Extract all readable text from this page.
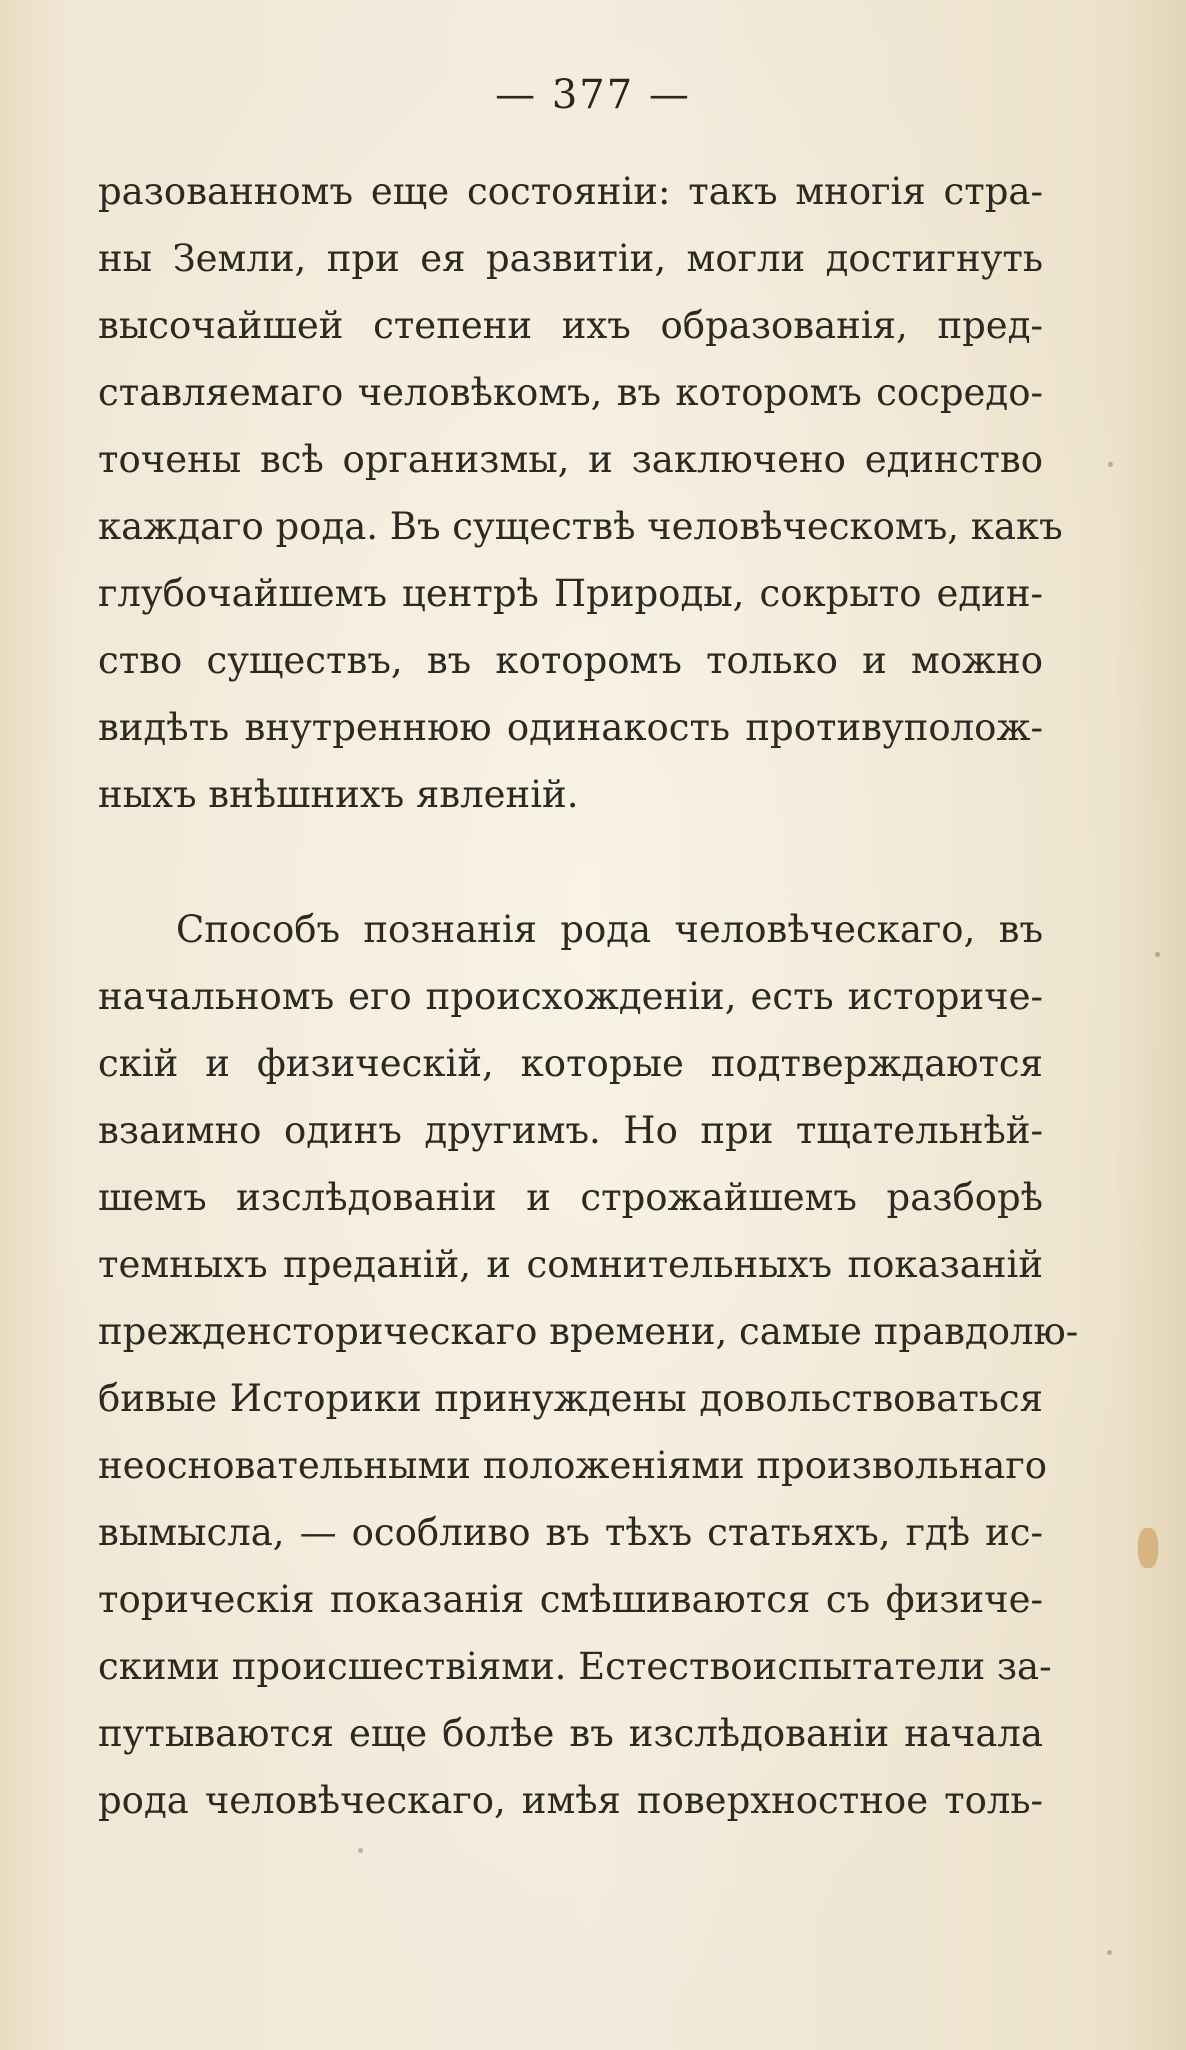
— 377 —
разованномъ еще состоянiи: такъ многiя стра-
ны Земли, при ея развитiи, могли достигнуть
высочайшей степени ихъ образованiя, пред-
ставляемаго человѣкомъ, въ которомъ сосредо-
точены всѣ организмы, и заключено единство
каждаго рода. Въ существѣ человѣческомъ, какъ
глубочайшемъ центрѣ Природы, сокрыто един-
ство существъ, въ которомъ только и можно
видѣть внутреннюю одинакость противуполож-
ныхъ внѣшнихъ явленiй.
Способъ познанiя рода человѣческаго, въ
начальномъ его происхожденiи, есть историче-
скiй и физическiй, которые подтверждаются
взаимно одинъ другимъ. Но при тщательнѣй-
шемъ изслѣдованiи и строжайшемъ разборѣ
темныхъ преданiй, и сомнительныхъ показанiй
прежденсторическаго времени, самые правдолю-
бивые Историки принуждены довольствоваться
неосновательными положенiями произвольнаго
вымысла, — особливо въ тѣхъ статьяхъ, гдѣ ис-
торическiя показанiя смѣшиваются съ физиче-
скими происшествiями. Естествоиспытатели за-
путываются еще болѣе въ изслѣдованiи начала
рода человѣческаго, имѣя поверхностное толь-
